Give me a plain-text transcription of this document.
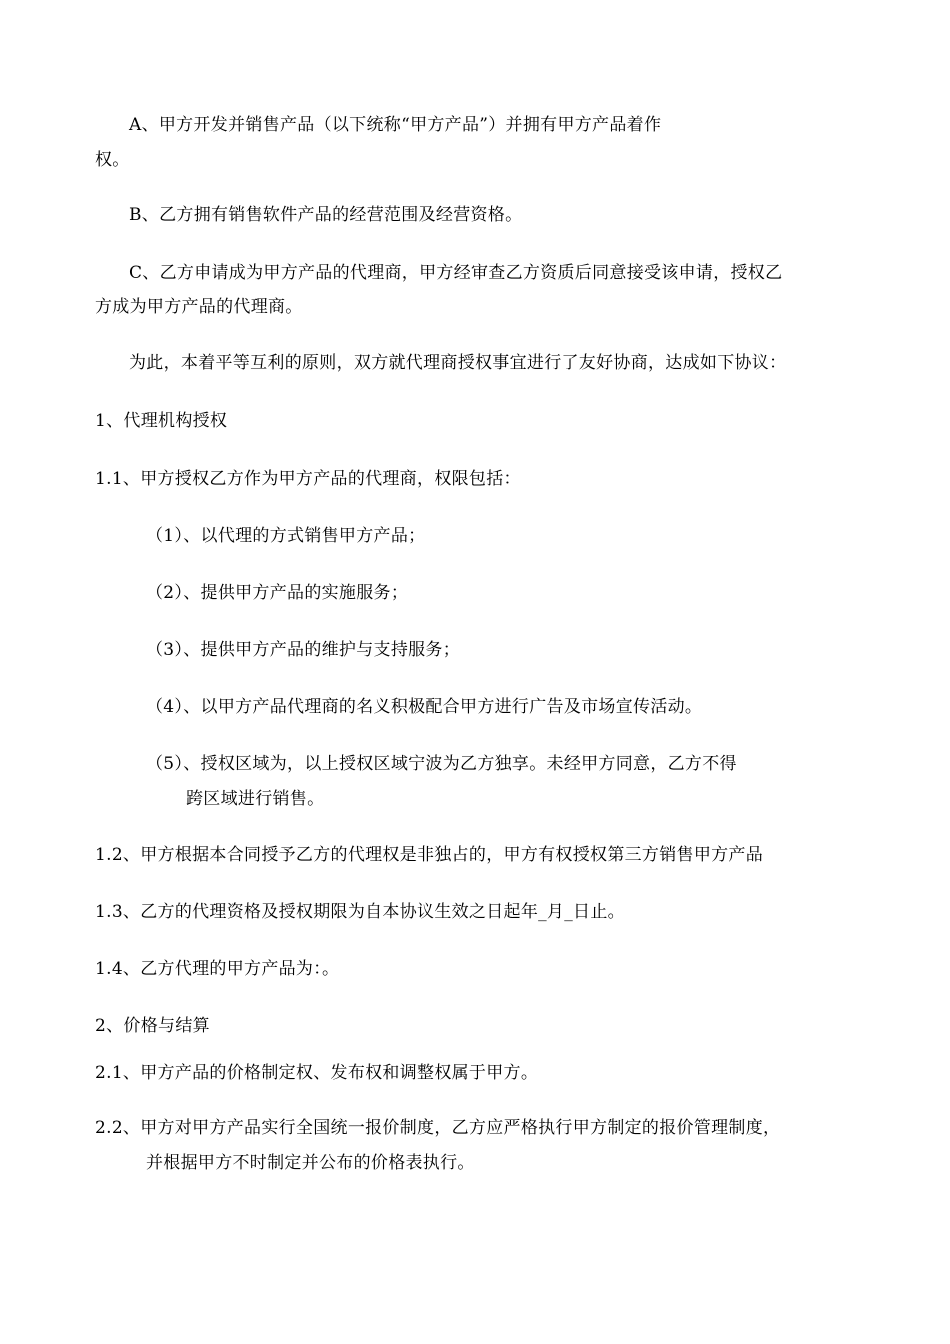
A、甲方开发并销售产品（以下统称“甲方产品”）并拥有甲方产品着作
权。
B、乙方拥有销售软件产品的经营范围及经营资格。
C、乙方申请成为甲方产品的代理商，甲方经审查乙方资质后同意接受该申请，授权乙
方成为甲方产品的代理商。
为此，本着平等互利的原则，双方就代理商授权事宜进行了友好协商，达成如下协议：
1、代理机构授权
1.1、甲方授权乙方作为甲方产品的代理商，权限包括：
（1）、以代理的方式销售甲方产品；
（2）、提供甲方产品的实施服务；
（3）、提供甲方产品的维护与支持服务；
（4）、以甲方产品代理商的名义积极配合甲方进行广告及市场宣传活动。
（5）、授权区域为，以上授权区域宁波为乙方独享。未经甲方同意，乙方不得
跨区域进行销售。
1.2、甲方根据本合同授予乙方的代理权是非独占的，甲方有权授权第三方销售甲方产品
1.3、乙方的代理资格及授权期限为自本协议生效之日起年_月_日止。
1.4、乙方代理的甲方产品为：。
2、价格与结算
2.1、甲方产品的价格制定权、发布权和调整权属于甲方。
2.2、甲方对甲方产品实行全国统一报价制度，乙方应严格执行甲方制定的报价管理制度，
并根据甲方不时制定并公布的价格表执行。
